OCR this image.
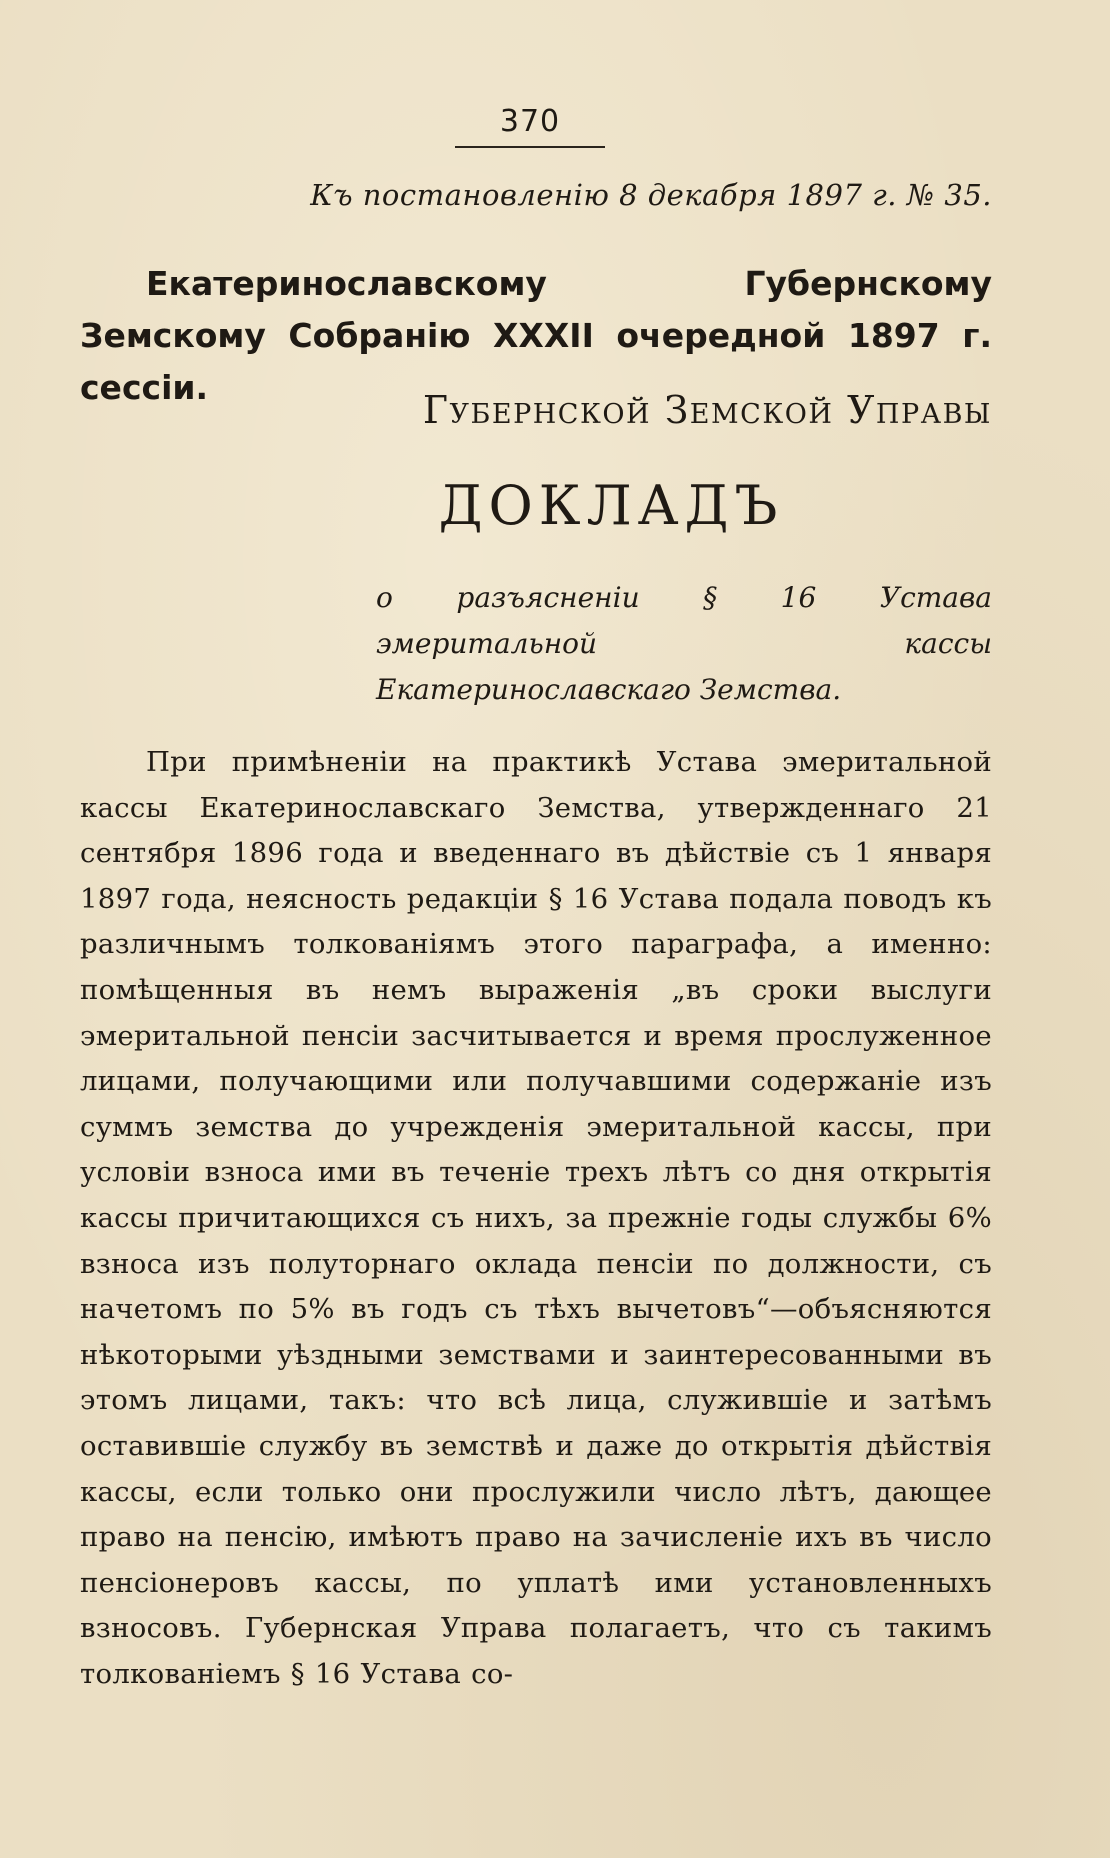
370
Къ постановленію 8 декабря 1897 г. № 35.
Екатеринославскому Губернскому Земскому Собранію XXXII очередной 1897 г. сессіи.
Губернской Земской Управы
ДОКЛАДЪ
о разъясненіи § 16 Устава эмеритальной кассы Екатеринославскаго Земства.
При примѣненіи на практикѣ Устава эмеритальной кассы Екатеринославскаго Земства, утвержденнаго 21 сентября 1896 года и введеннаго въ дѣйствіе съ 1 января 1897 года, неясность редакціи § 16 Устава подала поводъ къ различнымъ толкованіямъ этого параграфа, а именно: помѣщенныя въ немъ выраженія „въ сроки выслуги эмеритальной пенсіи засчитывается и время прослуженное лицами, получающими или получавшими содержаніе изъ суммъ земства до учрежденія эмеритальной кассы, при условіи взноса ими въ теченіе трехъ лѣтъ со дня открытія кассы причитающихся съ нихъ, за прежніе годы службы 6% взноса изъ полуторнаго оклада пенсіи по должности, съ начетомъ по 5% въ годъ съ тѣхъ вычетовъ“—объясняются нѣкоторыми уѣздными земствами и заинтересованными въ этомъ лицами, такъ: что всѣ лица, служившіе и затѣмъ оставившіе службу въ земствѣ и даже до открытія дѣйствія кассы, если только они прослужили число лѣтъ, дающее право на пенсію, имѣютъ право на зачисленіе ихъ въ число пенсіонеровъ кассы, по уплатѣ ими установленныхъ взносовъ. Губернская Управа полагаетъ, что съ такимъ толкованіемъ § 16 Устава со-
